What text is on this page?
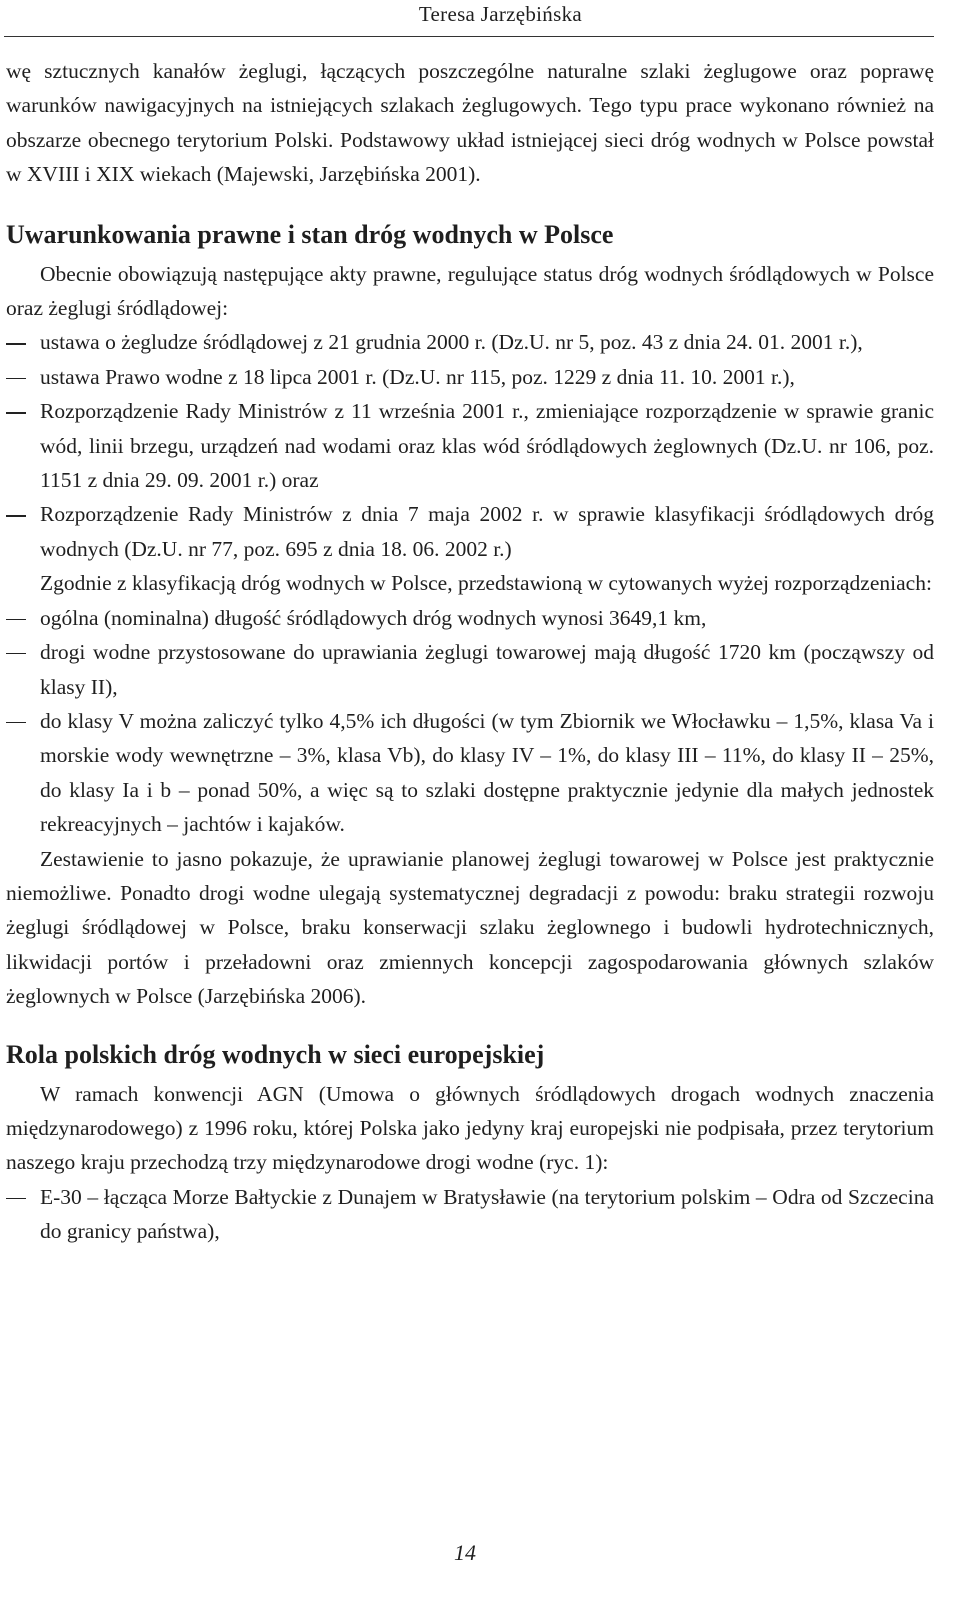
Teresa Jarzębińska

wę sztucznych kanałów żeglugi, łączących poszczególne naturalne szlaki żeglugowe oraz poprawę warunków nawigacyjnych na istniejących szlakach żeglugowych. Tego typu prace wykonano również na obszarze obecnego terytorium Polski. Podstawowy układ istniejącej sieci dróg wodnych w Polsce powstał w XVIII i XIX wiekach (Majewski, Jarzębińska 2001).

Uwarunkowania prawne i stan dróg wodnych w Polsce

Obecnie obowiązują następujące akty prawne, regulujące status dróg wodnych śródlądowych w Polsce oraz żeglugi śródlądowej:

ustawa o żegludze śródlądowej z 21 grudnia 2000 r. (Dz.U. nr 5, poz. 43 z dnia 24. 01. 2001 r.),
ustawa Prawo wodne z 18 lipca 2001 r. (Dz.U. nr 115, poz. 1229 z dnia 11. 10. 2001 r.),
Rozporządzenie Rady Ministrów z 11 września 2001 r., zmieniające rozporządzenie w sprawie granic wód, linii brzegu, urządzeń nad wodami oraz klas wód śródlądowych żeglownych (Dz.U. nr 106, poz. 1151 z dnia 29. 09. 2001 r.) oraz
Rozporządzenie Rady Ministrów z dnia 7 maja 2002 r. w sprawie klasyfikacji śródlądowych dróg wodnych (Dz.U. nr 77, poz. 695 z dnia 18. 06. 2002 r.)

Zgodnie z klasyfikacją dróg wodnych w Polsce, przedstawioną w cytowanych wyżej rozporządzeniach:

ogólna (nominalna) długość śródlądowych dróg wodnych wynosi 3649,1 km,
drogi wodne przystosowane do uprawiania żeglugi towarowej mają długość 1720 km (począwszy od klasy II),
do klasy V można zaliczyć tylko 4,5% ich długości (w tym Zbiornik we Włocławku – 1,5%, klasa Va i morskie wody wewnętrzne – 3%, klasa Vb), do klasy IV – 1%, do klasy III – 11%, do klasy II – 25%, do klasy Ia i b – ponad 50%, a więc są to szlaki dostępne praktycznie jedynie dla małych jednostek rekreacyjnych – jachtów i kajaków.

Zestawienie to jasno pokazuje, że uprawianie planowej żeglugi towarowej w Polsce jest praktycznie niemożliwe. Ponadto drogi wodne ulegają systematycznej degradacji z powodu: braku strategii rozwoju żeglugi śródlądowej w Polsce, braku konserwacji szlaku żeglownego i budowli hydrotechnicznych, likwidacji portów i przeładowni oraz zmiennych koncepcji zagospodarowania głównych szlaków żeglownych w Polsce (Jarzębińska 2006).

Rola polskich dróg wodnych w sieci europejskiej

W ramach konwencji AGN (Umowa o głównych śródlądowych drogach wodnych znaczenia międzynarodowego) z 1996 roku, której Polska jako jedyny kraj europejski nie podpisała, przez terytorium naszego kraju przechodzą trzy międzynarodowe drogi wodne (ryc. 1):

E-30 – łącząca Morze Bałtyckie z Dunajem w Bratysławie (na terytorium polskim – Odra od Szczecina do granicy państwa),
14
